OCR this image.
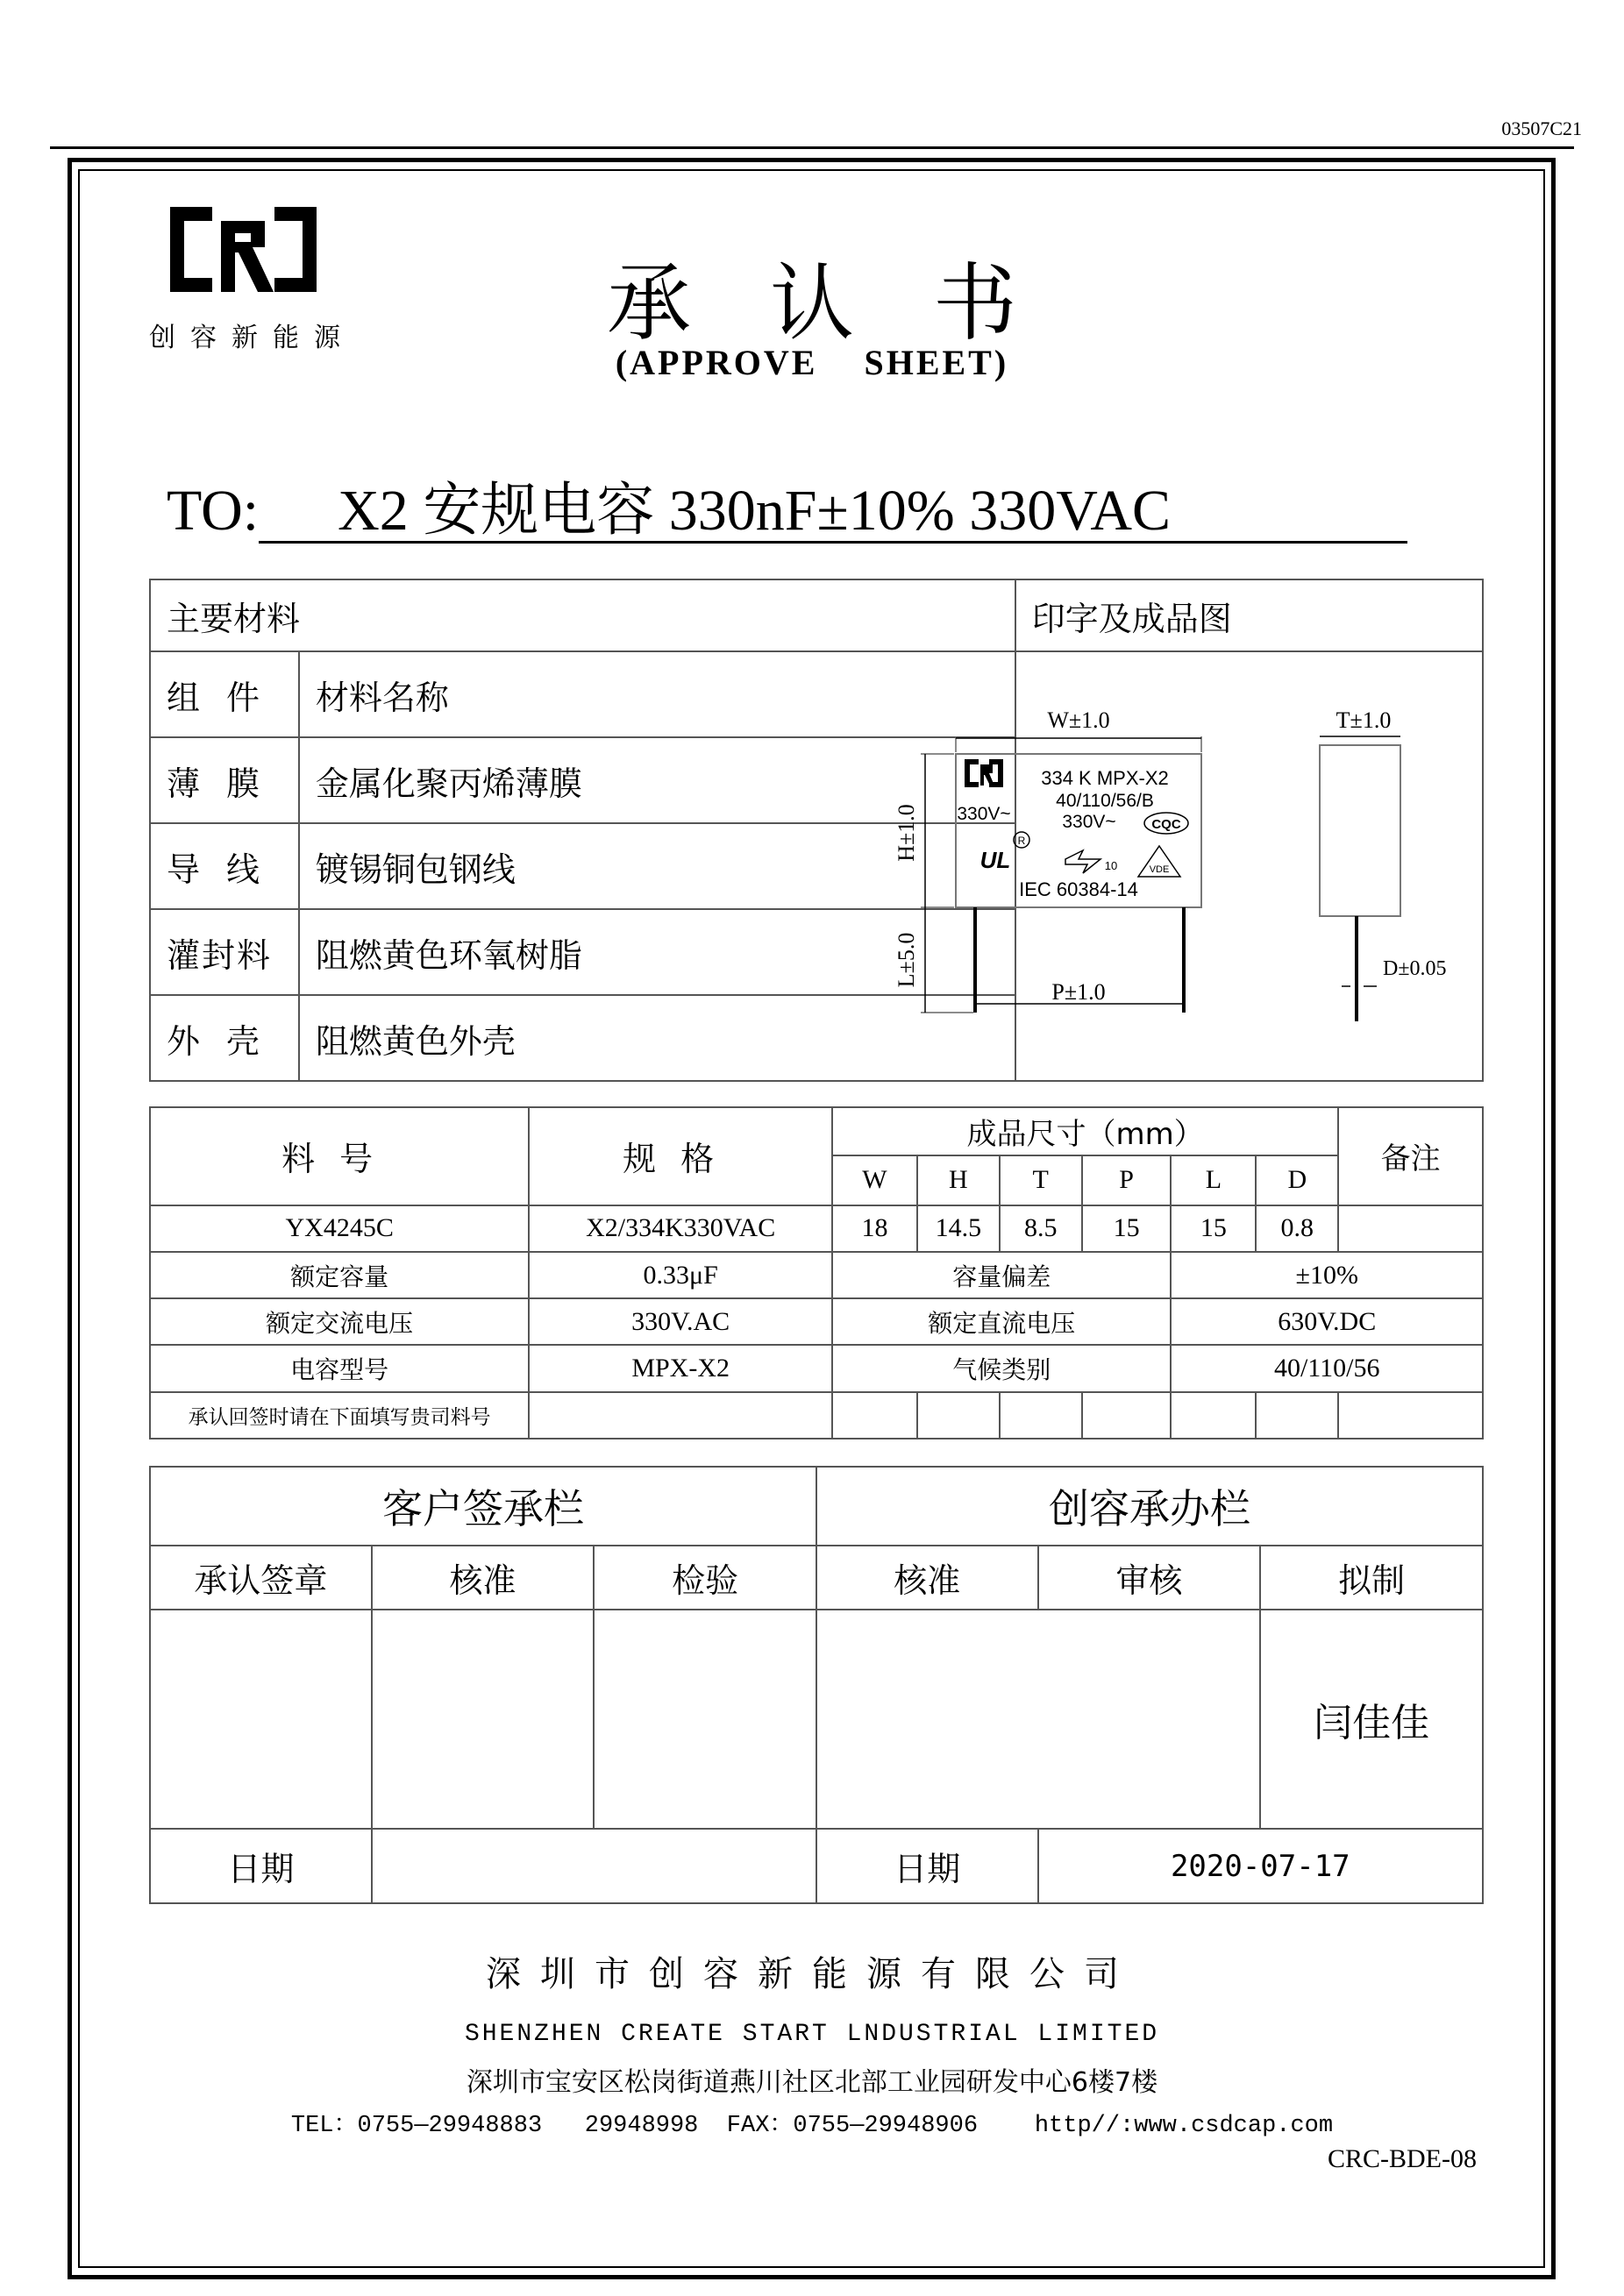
03507C21
创容新能源	承认书
(APPROVE SHEET)
TO: X2 安规电容 330nF±10% 330VAC
主要材料		印字及成品图
组件	材料名称	
薄膜	金属化聚丙烯薄膜	
导线	镀锡铜包钢线	
灌封料	阻燃黄色环氧树脂	
外壳	阻燃黄色外壳	
W±1.0	T±1.0
H±1.0
L±5.0
P±1.0
D±0.05
334 K MPX-X2
40/110/56/B
330V~	330V~	CQC
R
UL	10	VDE
IEC 60384-14
料号	规格	成品尺寸（mm）						备注
		W	H	T	P	L	D	
YX4245C	X2/334K330VAC	18	14.5	8.5	15	15	0.8	
额定容量	0.33μF	容量偏差				±10%		
额定交流电压	330V.AC	额定直流电压				630V.DC		
电容型号	MPX-X2	气候类别				40/110/56		
承认回签时请在下面填写贵司料号								
客户签承栏			创容承办栏		
承认签章	核准	检验	核准	审核	拟制
					闫佳佳
日期			日期	2020-07-17	
深圳市创容新能源有限公司
SHENZHEN CREATE START LNDUSTRIAL LIMITED
深圳市宝安区松岗街道燕川社区北部工业园研发中心6楼7楼
TEL：0755—29948883   29948998  FAX：0755—29948906    http//:www.csdcap.com
CRC-BDE-08
